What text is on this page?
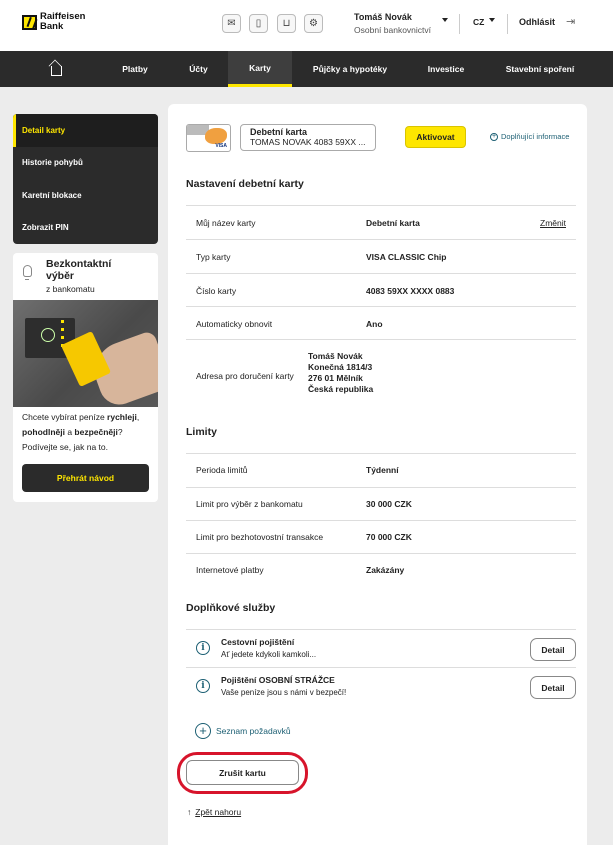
Raiffeisen
Bank	✉	▯	⊔	⚙
Tomáš Novák
Osobní bankovnictví
CZ	Odhlásit ⇥
Platby	Účty	Karty	Půjčky a hypotéky	Investice	Stavební spoření
Detail karty
Historie pohybů
Karetní blokace
Zobrazit PIN
Bezkontaktní výběr
z bankomatu
Chcete vybírat peníze rychleji, pohodlněji a bezpečněji? Podívejte se, jak na to.
Přehrát návod
VISA
Debetní karta
TOMAS NOVAK 4083 59XX ...	Aktivovat	+ Doplňující informace
Nastavení debetní karty
Můj název karty	Debetní karta	Změnit
Typ karty	VISA CLASSIC Chip
Číslo karty	4083 59XX XXXX 0883
Automaticky obnovit	Ano
Adresa pro doručení karty
Tomáš Novák
Konečná 1814/3
276 01 Mělník
Česká republika
Limity
Perioda limitů	Týdenní
Limit pro výběr z bankomatu	30 000 CZK
Limit pro bezhotovostní transakce	70 000 CZK
Internetové platby	Zakázány
Doplňkové služby
i
Cestovní pojištění
Ať jedete kdykoli kamkoli...	Detail
i
Pojištění OSOBNÍ STRÁŽCE
Vaše peníze jsou s námi v bezpečí!	Detail
+	Seznam požadavků
Zrušit kartu
↑ Zpět nahoru
